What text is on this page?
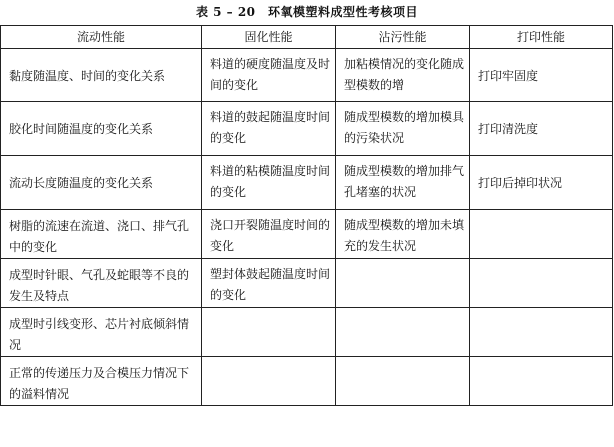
表 5 – 20　环氧模塑料成型性考核项目
流动性能	固化性能	沾污性能	打印性能
黏度随温度、时间的变化关系	料道的硬度随温度及时间的变化	加粘模情况的变化随成型模数的增	打印牢固度
胶化时间随温度的变化关系	料道的鼓起随温度时间的变化	随成型模数的增加模具的污染状况	打印清洗度
流动长度随温度的变化关系	料道的粘模随温度时间的变化	随成型模数的增加排气孔堵塞的状况	打印后掉印状况
树脂的流速在流道、浇口、排气孔中的变化	浇口开裂随温度时间的变化	随成型模数的增加未填充的发生状况	
成型时针眼、气孔及蛇眼等不良的发生及特点	塑封体鼓起随温度时间的变化		
成型时引线变形、芯片衬底倾斜情况			
正常的传递压力及合模压力情况下的溢料情况			
